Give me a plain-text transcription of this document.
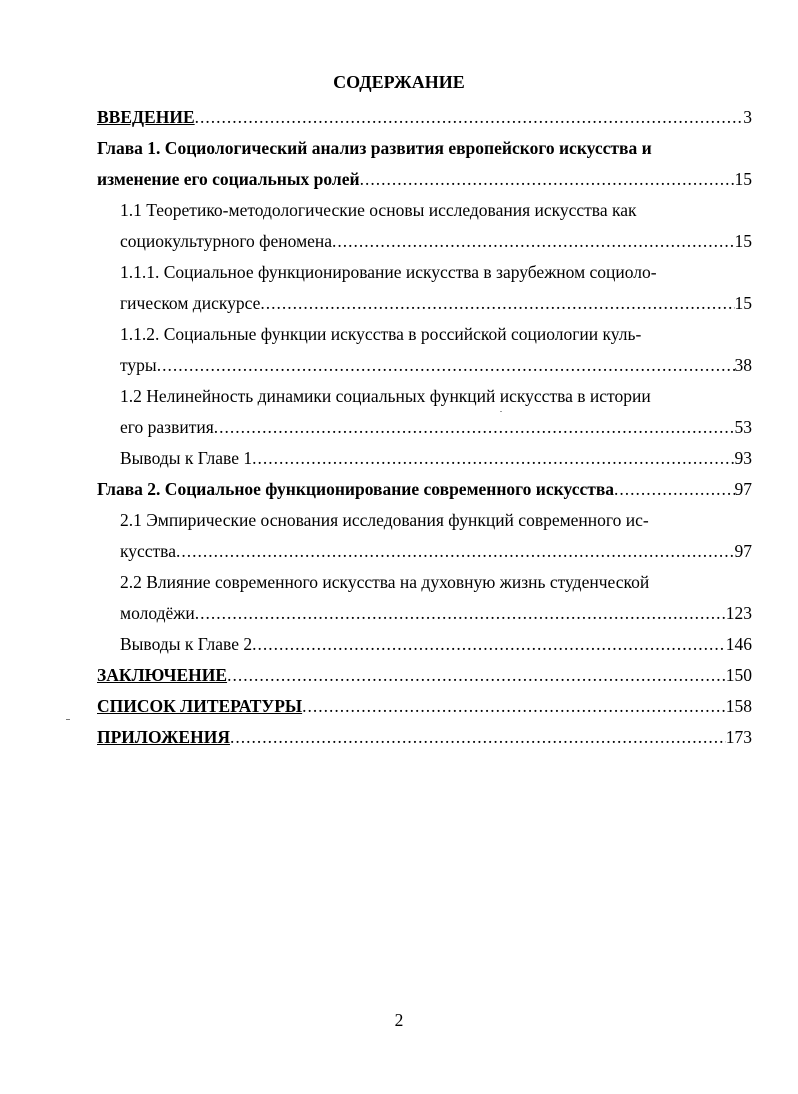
СОДЕРЖАНИЕ
ВВЕДЕНИЕ .....	3
Глава 1. Социологический анализ развития европейского искусства и
изменение его социальных ролей .....	15
1.1 Теоретико-методологические основы исследования искусства как
социокультурного феномена .....	15
1.1.1. Социальное функционирование искусства в зарубежном социоло-
гическом дискурсе .....	15
1.1.2. Социальные функции искусства в российской социологии куль-
туры .....	38
1.2 Нелинейность динамики социальных функций искусства в истории
его развития .....	53
Выводы к Главе 1 .....	93
Глава 2. Социальное функционирование современного искусства .....	97
2.1 Эмпирические основания исследования функций современного ис-
кусства .....	97
2.2 Влияние современного искусства на духовную жизнь студенческой
молодёжи .....	123
Выводы к Главе 2 .....	146
ЗАКЛЮЧЕНИЕ .....	150
СПИСОК ЛИТЕРАТУРЫ .....	158
ПРИЛОЖЕНИЯ .....	173
2
